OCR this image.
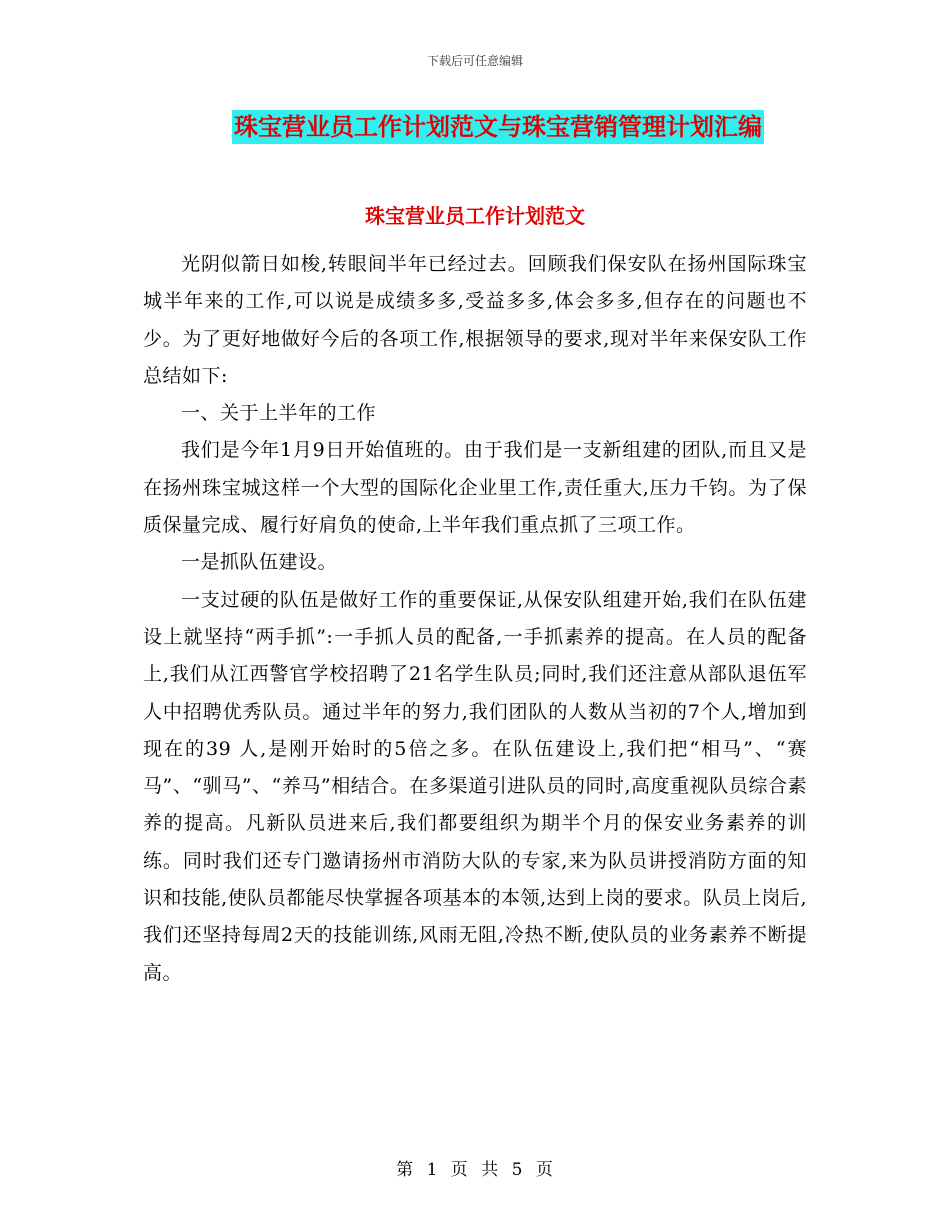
下载后可任意编辑
珠宝营业员工作计划范文与珠宝营销管理计划汇编
珠宝营业员工作计划范文

光阴似箭日如梭,转眼间半年已经过去。回顾我们保安队在扬州国际珠宝城半年来的工作,可以说是成绩多多,受益多多,体会多多,但存在的问题也不少。为了更好地做好今后的各项工作,根据领导的要求,现对半年来保安队工作总结如下:

一、关于上半年的工作

我们是今年1月9日开始值班的。由于我们是一支新组建的团队,而且又是在扬州珠宝城这样一个大型的国际化企业里工作,责任重大,压力千钧。为了保质保量完成、履行好肩负的使命,上半年我们重点抓了三项工作。

一是抓队伍建设。

一支过硬的队伍是做好工作的重要保证,从保安队组建开始,我们在队伍建设上就坚持“两手抓”:一手抓人员的配备,一手抓素养的提高。在人员的配备上,我们从江西警官学校招聘了21名学生队员;同时,我们还注意从部队退伍军人中招聘优秀队员。通过半年的努力,我们团队的人数从当初的7个人,增加到现在的39 人,是刚开始时的5倍之多。在队伍建设上,我们把“相马”、“赛马”、“驯马”、“养马”相结合。在多渠道引进队员的同时,高度重视队员综合素养的提高。凡新队员进来后,我们都要组织为期半个月的保安业务素养的训练。同时我们还专门邀请扬州市消防大队的专家,来为队员讲授消防方面的知识和技能,使队员都能尽快掌握各项基本的本领,达到上岗的要求。队员上岗后,我们还坚持每周2天的技能训练,风雨无阻,冷热不断,使队员的业务素养不断提高。

第 1 页 共 5 页
